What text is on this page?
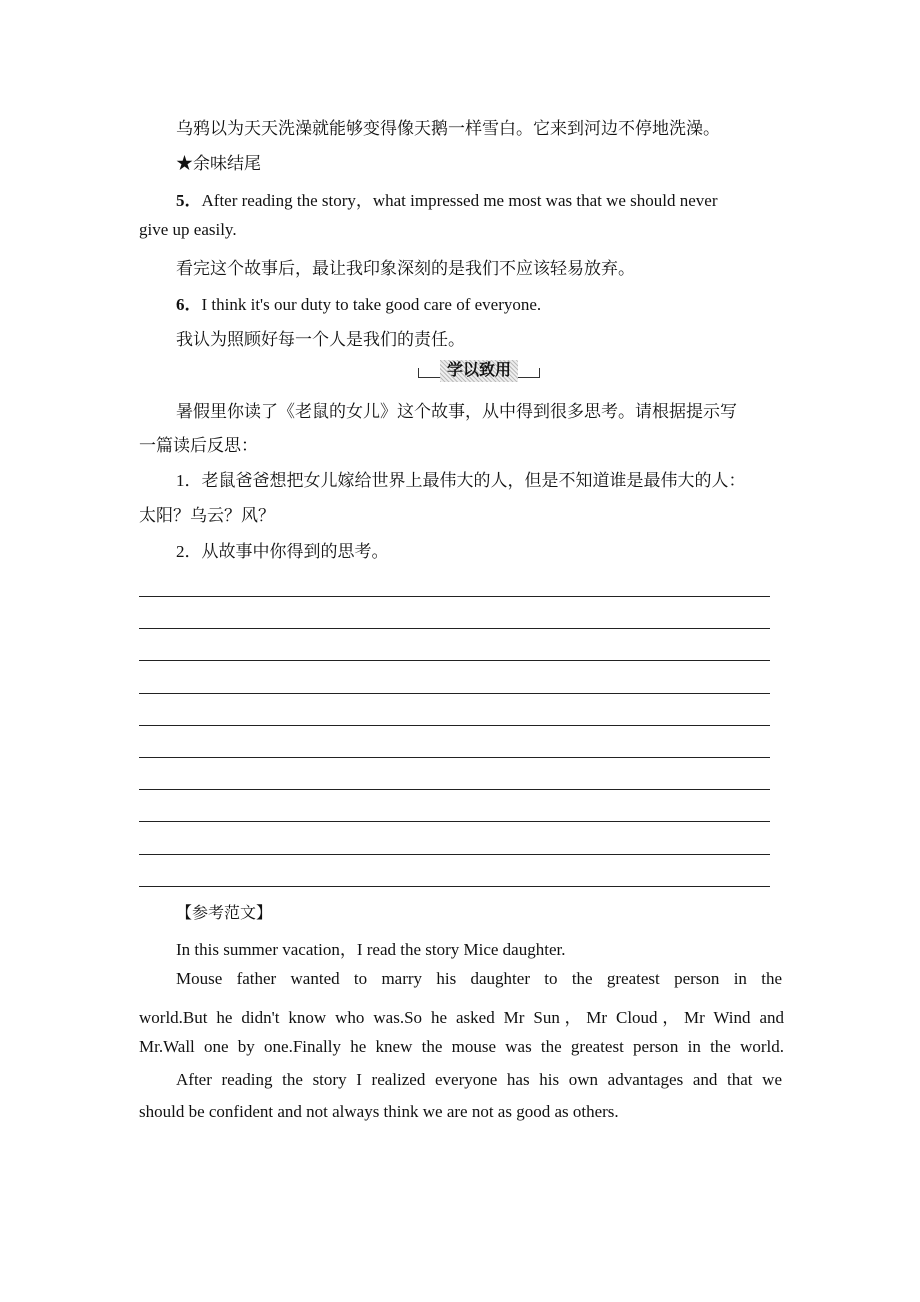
乌鸦以为天天洗澡就能够变得像天鹅一样雪白。它来到河边不停地洗澡。
★余味结尾
5．After reading the story，what impressed me most was that we should never
give up easily.
看完这个故事后，最让我印象深刻的是我们不应该轻易放弃。
6．I think it's our duty to take good care of everyone.
我认为照顾好每一个人是我们的责任。
学以致用
暑假里你读了《老鼠的女儿》这个故事，从中得到很多思考。请根据提示写
一篇读后反思：
1．老鼠爸爸想把女儿嫁给世界上最伟大的人，但是不知道谁是最伟大的人：
太阳？乌云？风？
2．从故事中你得到的思考。
【参考范文】
In this summer vacation，I read the story Mice daughter.
Mouse father wanted to marry his daughter to the greatest person in the
world.But he didn't know who was.So he asked Mr Sun，Mr Cloud，Mr Wind and
Mr.Wall one by one.Finally he knew the mouse was the greatest person in the world.
After reading the story I realized everyone has his own advantages and that we
should be confident and not always think we are not as good as others.
